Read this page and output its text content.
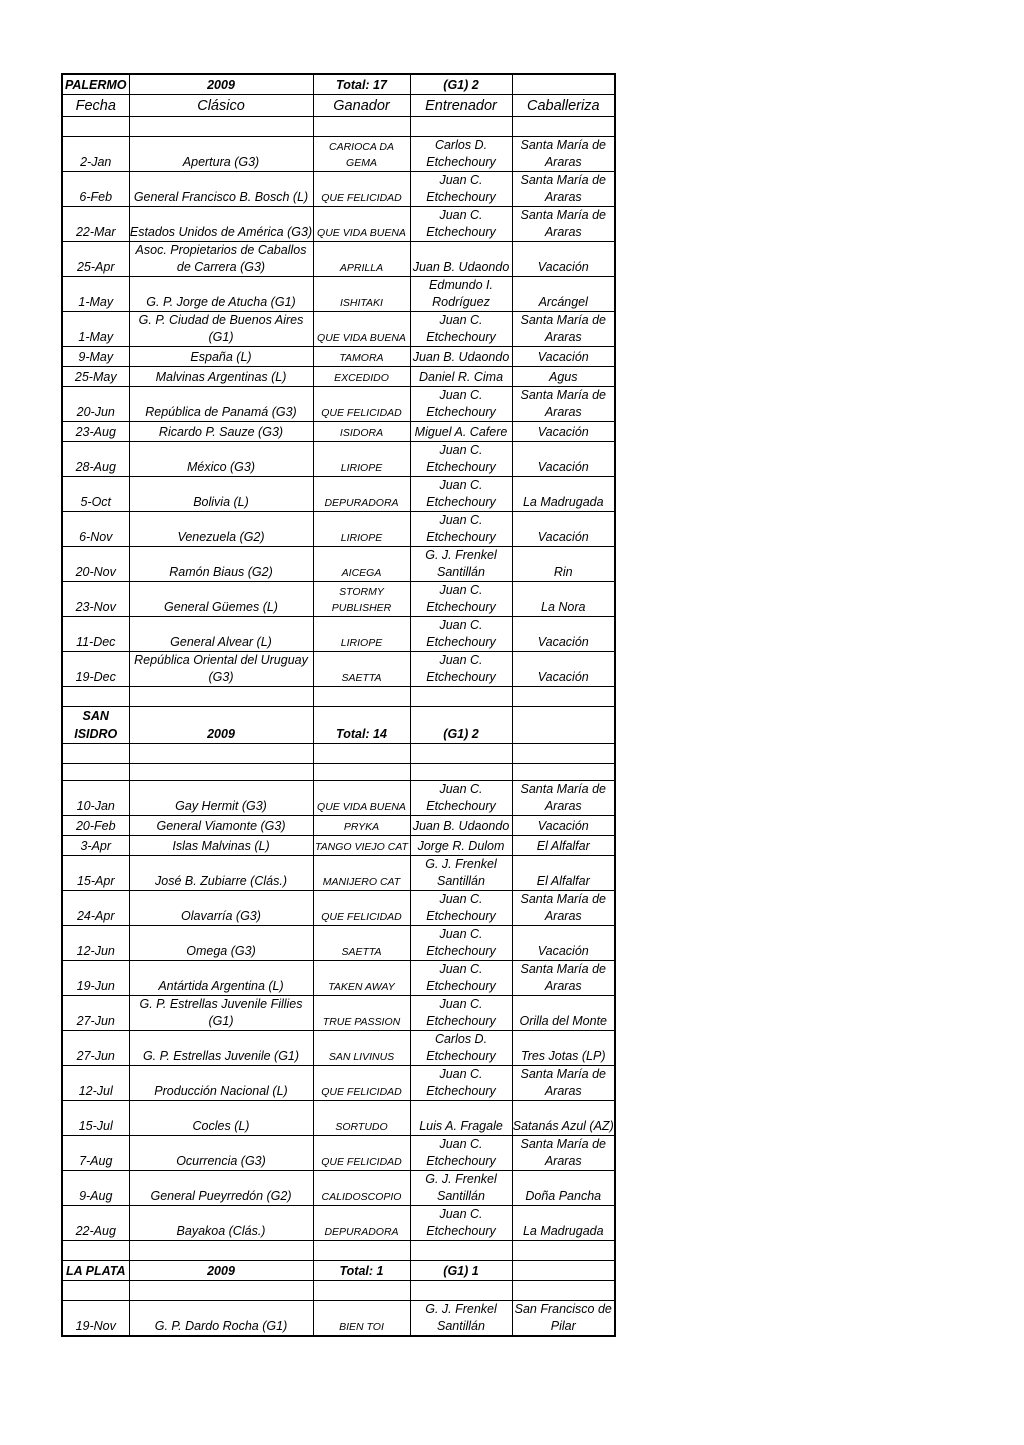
PALERMO	2009	Total: 17	(G1) 2	
Fecha	Clásico	Ganador	Entrenador	Caballeriza

2-Jan	Apertura (G3)	CARIOCA DA GEMA	Carlos D. Etchechoury	Santa María de Araras
6-Feb	General Francisco B. Bosch (L)	QUE FELICIDAD	Juan C. Etchechoury	Santa María de Araras
22-Mar	Estados Unidos de América (G3)	QUE VIDA BUENA	Juan C. Etchechoury	Santa María de Araras
25-Apr	Asoc. Propietarios de Caballos de Carrera (G3)	APRILLA	Juan B. Udaondo	Vacación
1-May	G. P. Jorge de Atucha (G1)	ISHITAKI	Edmundo I. Rodríguez	Arcángel
1-May	G. P. Ciudad de Buenos Aires (G1)	QUE VIDA BUENA	Juan C. Etchechoury	Santa María de Araras
9-May	España (L)	TAMORA	Juan B. Udaondo	Vacación
25-May	Malvinas Argentinas (L)	EXCEDIDO	Daniel R. Cima	Agus
20-Jun	República de Panamá (G3)	QUE FELICIDAD	Juan C. Etchechoury	Santa María de Araras
23-Aug	Ricardo P. Sauze (G3)	ISIDORA	Miguel A. Cafere	Vacación
28-Aug	México (G3)	LIRIOPE	Juan C. Etchechoury	Vacación
5-Oct	Bolivia (L)	DEPURADORA	Juan C. Etchechoury	La Madrugada
6-Nov	Venezuela (G2)	LIRIOPE	Juan C. Etchechoury	Vacación
20-Nov	Ramón Biaus (G2)	AICEGA	G. J. Frenkel Santillán	Rin
23-Nov	General Güemes (L)	STORMY PUBLISHER	Juan C. Etchechoury	La Nora
11-Dec	General Alvear (L)	LIRIOPE	Juan C. Etchechoury	Vacación
19-Dec	República Oriental del Uruguay (G3)	SAETTA	Juan C. Etchechoury	Vacación

SAN ISIDRO	2009	Total: 14	(G1) 2	

10-Jan	Gay Hermit (G3)	QUE VIDA BUENA	Juan C. Etchechoury	Santa María de Araras
20-Feb	General Viamonte (G3)	PRYKA	Juan B. Udaondo	Vacación
3-Apr	Islas Malvinas (L)	TANGO VIEJO CAT	Jorge R. Dulom	El Alfalfar
15-Apr	José B. Zubiarre (Clás.)	MANIJERO CAT	G. J. Frenkel Santillán	El Alfalfar
24-Apr	Olavarría (G3)	QUE FELICIDAD	Juan C. Etchechoury	Santa María de Araras
12-Jun	Omega (G3)	SAETTA	Juan C. Etchechoury	Vacación
19-Jun	Antártida Argentina (L)	TAKEN AWAY	Juan C. Etchechoury	Santa María de Araras
27-Jun	G. P. Estrellas Juvenile Fillies (G1)	TRUE PASSION	Juan C. Etchechoury	Orilla del Monte
27-Jun	G. P. Estrellas Juvenile (G1)	SAN LIVINUS	Carlos D. Etchechoury	Tres Jotas (LP)
12-Jul	Producción Nacional (L)	QUE FELICIDAD	Juan C. Etchechoury	Santa María de Araras
15-Jul	Cocles (L)	SORTUDO	Luis A. Fragale	Satanás Azul (AZ)
7-Aug	Ocurrencia (G3)	QUE FELICIDAD	Juan C. Etchechoury	Santa María de Araras
9-Aug	General Pueyrredón (G2)	CALIDOSCOPIO	G. J. Frenkel Santillán	Doña Pancha
22-Aug	Bayakoa (Clás.)	DEPURADORA	Juan C. Etchechoury	La Madrugada

LA PLATA	2009	Total: 1	(G1) 1	

19-Nov	G. P. Dardo Rocha (G1)	BIEN TOI	G. J. Frenkel Santillán	San Francisco de Pilar
